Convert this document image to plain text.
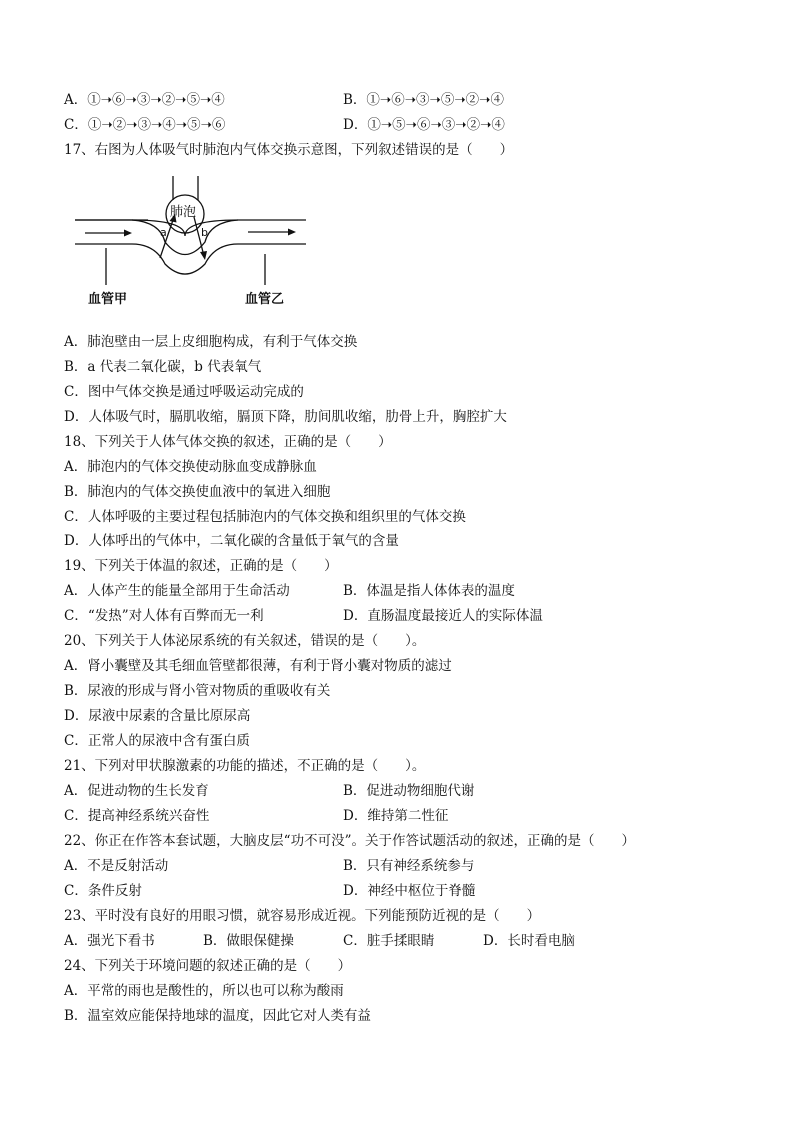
A．①➝⑥➝③➝②➝⑤➝④	B．①➝⑥➝③➝⑤➝②➝④
C．①➝②➝③➝④➝⑤➝⑥	D．①➝⑤➝⑥➝③➝②➝④
17、右图为人体吸气时肺泡内气体交换示意图，下列叙述错误的是（　　）
肺泡
a	b
血管甲	血管乙
A．肺泡壁由一层上皮细胞构成，有利于气体交换
B．a 代表二氧化碳，b 代表氧气
C．图中气体交换是通过呼吸运动完成的
D．人体吸气时，膈肌收缩，膈顶下降，肋间肌收缩，肋骨上升，胸腔扩大
18、下列关于人体气体交换的叙述，正确的是（　　）
A．肺泡内的气体交换使动脉血变成静脉血
B．肺泡内的气体交换使血液中的氧进入细胞
C．人体呼吸的主要过程包括肺泡内的气体交换和组织里的气体交换
D．人体呼出的气体中，二氧化碳的含量低于氧气的含量
19、下列关于体温的叙述，正确的是（　　）
A．人体产生的能量全部用于生命活动	B．体温是指人体体表的温度
C．“发热”对人体有百弊而无一利	D．直肠温度最接近人的实际体温
20、下列关于人体泌尿系统的有关叙述，错误的是（　　）。
A．肾小囊壁及其毛细血管壁都很薄，有利于肾小囊对物质的滤过
B．尿液的形成与肾小管对物质的重吸收有关
D．尿液中尿素的含量比原尿高
C．正常人的尿液中含有蛋白质
21、下列对甲状腺激素的功能的描述，不正确的是（　　）。
A．促进动物的生长发育	B．促进动物细胞代谢
C．提高神经系统兴奋性	D．维持第二性征
22、你正在作答本套试题，大脑皮层“功不可没”。关于作答试题活动的叙述，正确的是（　　）
A．不是反射活动	B．只有神经系统参与
C．条件反射	D．神经中枢位于脊髓
23、平时没有良好的用眼习惯，就容易形成近视。下列能预防近视的是（　　）
A．强光下看书	B．做眼保健操	C．脏手揉眼睛	D．长时看电脑
24、下列关于环境问题的叙述正确的是（　　）
A．平常的雨也是酸性的，所以也可以称为酸雨
B．温室效应能保持地球的温度，因此它对人类有益
